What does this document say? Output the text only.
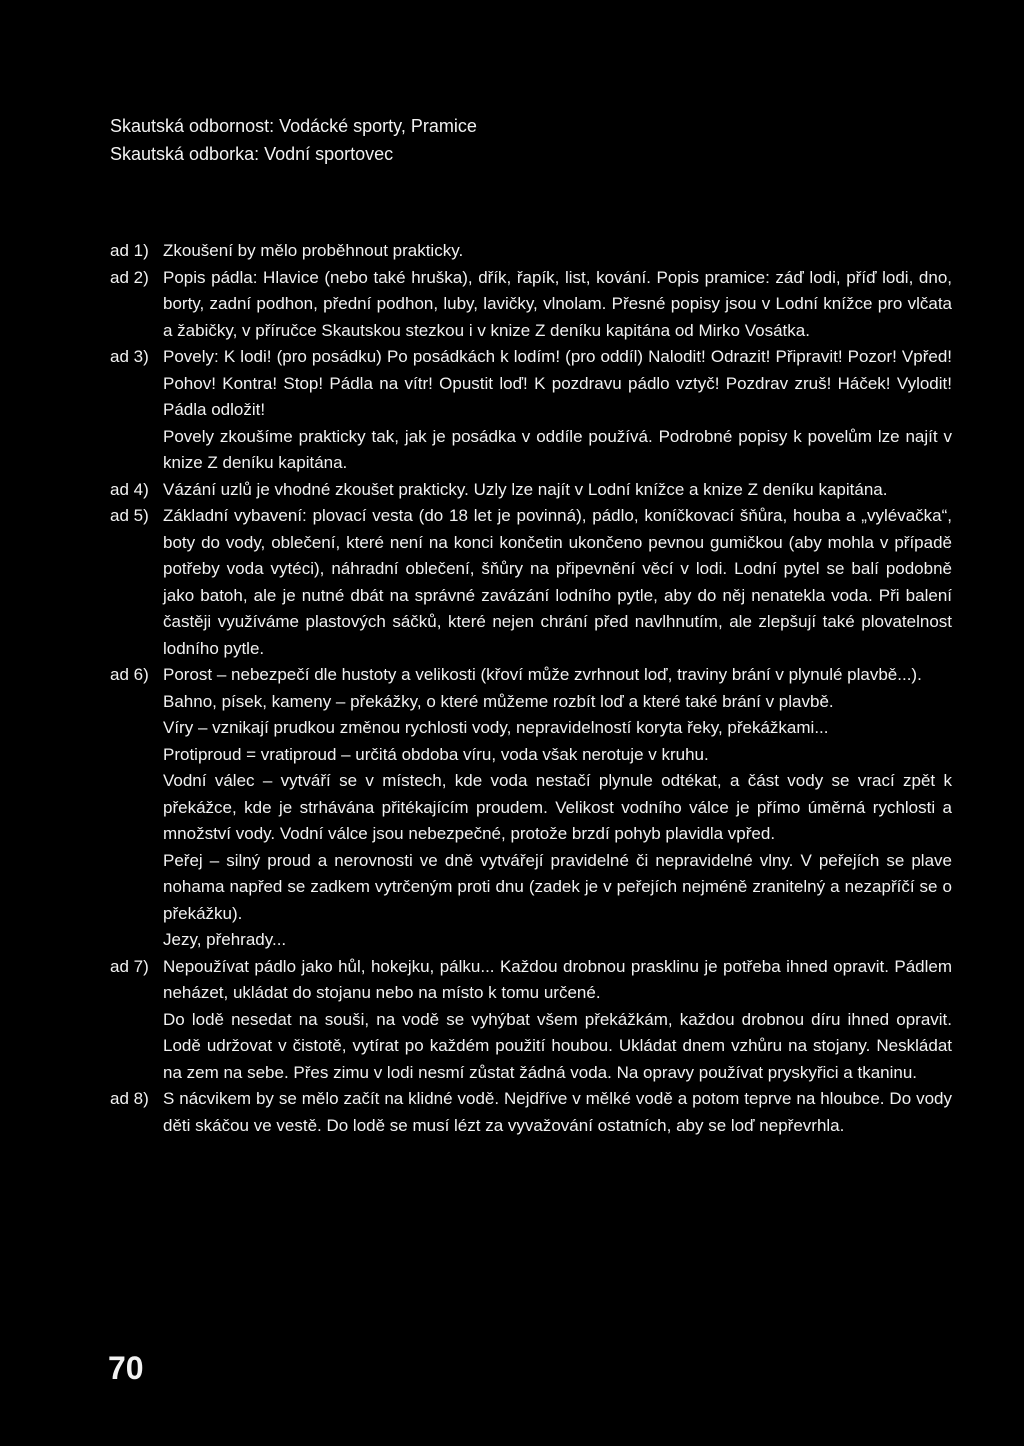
Skautská odbornost: Vodácké sporty, Pramice
Skautská odborka: Vodní sportovec
ad 1) Zkoušení by mělo proběhnout prakticky.

ad 2) Popis pádla: Hlavice (nebo také hruška), dřík, řapík, list, kování. Popis pramice: záď lodi, příď lodi, dno, borty, zadní podhon, přední podhon, luby, lavičky, vlnolam. Přesné popisy jsou v Lodní knížce pro vlčata a žabičky, v příručce Skautskou stezkou i v knize Z deníku kapitána od Mirko Vosátka.

ad 3) Povely: K lodi! (pro posádku) Po posádkách k lodím! (pro oddíl) Nalodit! Odrazit! Připravit! Pozor! Vpřed! Pohov! Kontra! Stop! Pádla na vítr! Opustit loď! K pozdravu pádlo vztyč! Pozdrav zruš! Háček! Vylodit! Pádla odložit!

Povely zkoušíme prakticky tak, jak je posádka v oddíle používá. Podrobné popisy k povelům lze najít v knize Z deníku kapitána.

ad 4) Vázání uzlů je vhodné zkoušet prakticky. Uzly lze najít v Lodní knížce a knize Z deníku kapitána.

ad 5) Základní vybavení: plovací vesta (do 18 let je povinná), pádlo, koníčkovací šňůra, houba a „vylévačka“, boty do vody, oblečení, které není na konci končetin ukončeno pevnou gumičkou (aby mohla v případě potřeby voda vytéci), náhradní oblečení, šňůry na připevnění věcí v lodi. Lodní pytel se balí podobně jako batoh, ale je nutné dbát na správné zavázání lodního pytle, aby do něj nenatekla voda. Při balení častěji využíváme plastových sáčků, které nejen chrání před navlhnutím, ale zlepšují také plovatelnost lodního pytle.

ad 6) Porost – nebezpečí dle hustoty a velikosti (křoví může zvrhnout loď, traviny brání v plynulé plavbě...).

Bahno, písek, kameny – překážky, o které můžeme rozbít loď a které také brání v plavbě.

Víry – vznikají prudkou změnou rychlosti vody, nepravidelností koryta řeky, překážkami...

Protiproud = vratiproud – určitá obdoba víru, voda však nerotuje v kruhu.

Vodní válec – vytváří se v místech, kde voda nestačí plynule odtékat, a část vody se vrací zpět k překážce, kde je strhávána přitékajícím proudem. Velikost vodního válce je přímo úměrná rychlosti a množství vody. Vodní válce jsou nebezpečné, protože brzdí pohyb plavidla vpřed.

Peřej – silný proud a nerovnosti ve dně vytvářejí pravidelné či nepravidelné vlny. V peřejích se plave nohama napřed se zadkem vytrčeným proti dnu (zadek je v peřejích nejméně zranitelný a nezapříčí se o překážku).

Jezy, přehrady...

ad 7) Nepoužívat pádlo jako hůl, hokejku, pálku... Každou drobnou prasklinu je potřeba ihned opravit. Pádlem neházet, ukládat do stojanu nebo na místo k tomu určené.

Do lodě nesedat na souši, na vodě se vyhýbat všem překážkám, každou drobnou díru ihned opravit. Lodě udržovat v čistotě, vytírat po každém použití houbou. Ukládat dnem vzhůru na stojany. Neskládat na zem na sebe. Přes zimu v lodi nesmí zůstat žádná voda. Na opravy používat pryskyřici a tkaninu.

ad 8) S nácvikem by se mělo začít na klidné vodě. Nejdříve v mělké vodě a potom teprve na hloubce. Do vody děti skáčou ve vestě. Do lodě se musí lézt za vyvažování ostatních, aby se loď nepřevrhla.

70
